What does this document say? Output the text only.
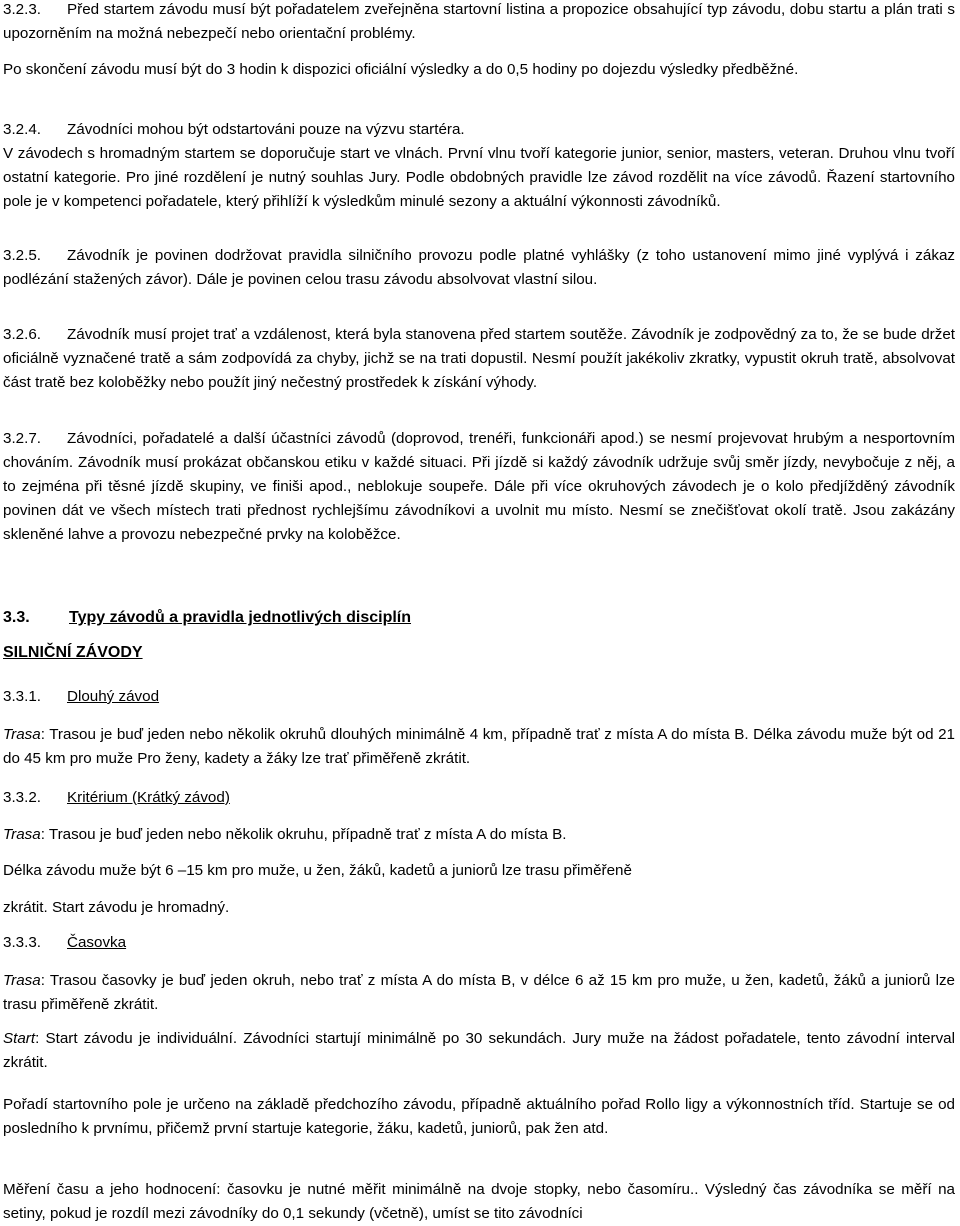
3.2.3. Před startem závodu musí být pořadatelem zveřejněna startovní listina a propozice obsahující typ závodu, dobu startu a plán trati s upozorněním na možná nebezpečí nebo orientační problémy.

Po skončení závodu musí být do 3 hodin k dispozici oficiální výsledky a do 0,5 hodiny po dojezdu výsledky předběžné.

3.2.4. Závodníci mohou být odstartováni pouze na výzvu startéra.
V závodech s hromadným startem se doporučuje start ve vlnách. První vlnu tvoří kategorie junior, senior, masters, veteran. Druhou vlnu tvoří ostatní kategorie. Pro jiné rozdělení je nutný souhlas Jury. Podle obdobných pravidle lze závod rozdělit na více závodů. Řazení startovního pole je v kompetenci pořadatele, který přihlíží k výsledkům minulé sezony a aktuální výkonnosti závodníků.

3.2.5. Závodník je povinen dodržovat pravidla silničního provozu podle platné vyhlášky (z toho ustanovení mimo jiné vyplývá i zákaz podlézání stažených závor). Dále je povinen celou trasu závodu absolvovat vlastní silou.

3.2.6. Závodník musí projet trať a vzdálenost, která byla stanovena před startem soutěže. Závodník je zodpovědný za to, že se bude držet oficiálně vyznačené tratě a sám zodpovídá za chyby, jichž se na trati dopustil. Nesmí použít jakékoliv zkratky, vypustit okruh tratě, absolvovat část tratě bez koloběžky nebo použít jiný nečestný prostředek k získání výhody.

3.2.7. Závodníci, pořadatelé a další účastníci závodů (doprovod, trenéři, funkcionáři apod.) se nesmí projevovat hrubým a nesportovním chováním. Závodník musí prokázat občanskou etiku v každé situaci. Při jízdě si každý závodník udržuje svůj směr jízdy, nevybočuje z něj, a to zejména při těsné jízdě skupiny, ve finiši apod., neblokuje soupeře. Dále při více okruhových závodech je o kolo předjížděný závodník povinen dát ve všech místech trati přednost rychlejšímu závodníkovi a uvolnit mu místo. Nesmí se znečišťovat okolí tratě. Jsou zakázány skleněné lahve a provozu nebezpečné prvky na koloběžce.

3.3. Typy závodů a pravidla jednotlivých disciplín

SILNIČNÍ ZÁVODY

3.3.1. Dlouhý závod

Trasa: Trasou je buď jeden nebo několik okruhů dlouhých minimálně 4 km, případně trať z místa A do místa B. Délka závodu muže být od 21 do 45 km pro muže Pro ženy, kadety a žáky lze trať přiměřeně zkrátit.

3.3.2. Kritérium (Krátký závod)

Trasa: Trasou je buď jeden nebo několik okruhu, případně trať z místa A do místa B.

Délka závodu muže být 6 –15 km pro muže, u žen, žáků, kadetů a juniorů lze trasu přiměřeně

zkrátit. Start závodu je hromadný.

3.3.3. Časovka

Trasa: Trasou časovky je buď jeden okruh, nebo trať z místa A do místa B, v délce 6 až 15 km pro muže, u žen, kadetů, žáků a juniorů lze trasu přiměřeně zkrátit.

Start: Start závodu je individuální. Závodníci startují minimálně po 30 sekundách. Jury muže na žádost pořadatele, tento závodní interval zkrátit.

Pořadí startovního pole je určeno na základě předchozího závodu, případně aktuálního pořad Rollo ligy a výkonnostních tříd. Startuje se od posledního k prvnímu, přičemž první startuje kategorie, žáku, kadetů, juniorů, pak žen atd.

Měření času a jeho hodnocení: časovku je nutné měřit minimálně na dvoje stopky, nebo časomíru.. Výsledný čas závodníka se měří na setiny, pokud je rozdíl mezi závodníky do 0,1 sekundy (včetně), umíst se tito závodníci
